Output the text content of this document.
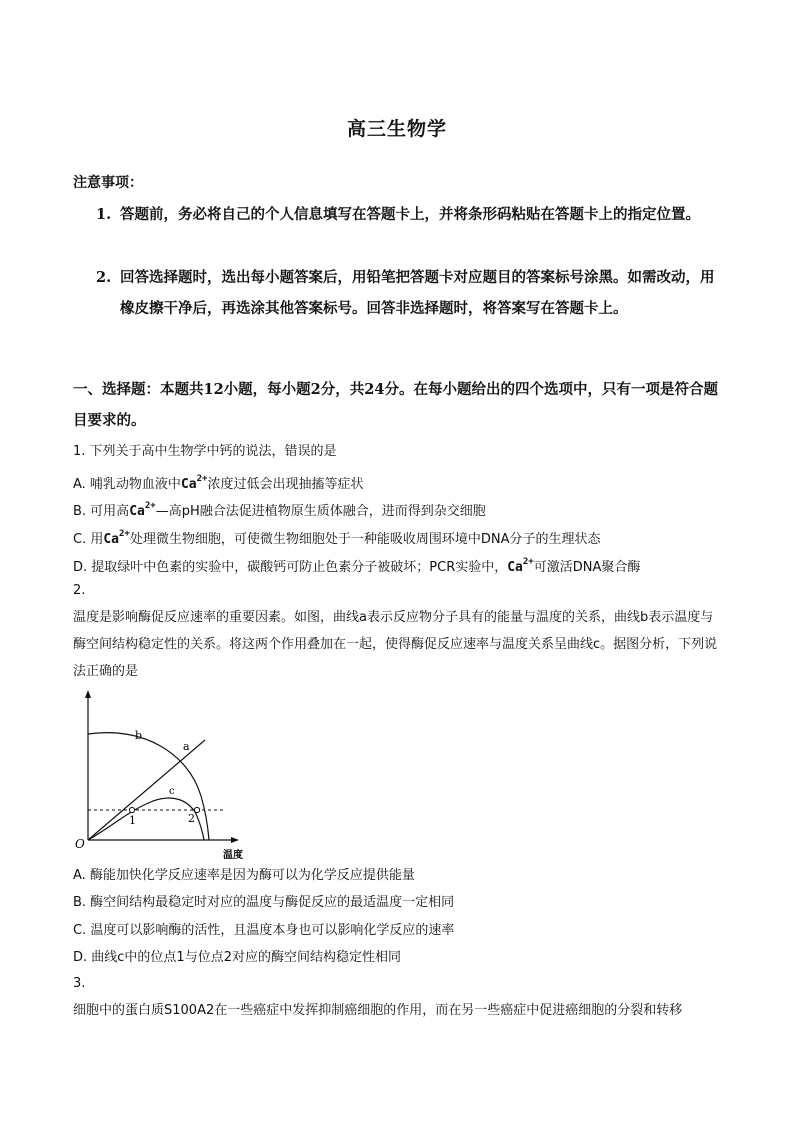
高三生物学
注意事项：
1. 答题前，务必将自己的个人信息填写在答题卡上，并将条形码粘贴在答题卡上的指定位置。
2. 回答选择题时，选出每小题答案后，用铅笔把答题卡对应题目的答案标号涂黑。如需改动，用橡皮擦干净后，再选涂其他答案标号。回答非选择题时，将答案写在答题卡上。
一、选择题：本题共12小题，每小题2分，共24分。在每小题给出的四个选项中，只有一项是符合题目要求的。
1. 下列关于高中生物学中钙的说法，错误的是
A. 哺乳动物血液中$Ca^{2+}$浓度过低会出现抽搐等症状
B. 可用高$Ca^{2+}—$高pH融合法促进植物原生质体融合，进而得到杂交细胞
C. 用$Ca^{2+}$处理微生物细胞，可使微生物细胞处于一种能吸收周围环境中DNA分子的生理状态
D. 提取绿叶中色素的实验中，碳酸钙可防止色素分子被破坏；PCR实验中，$Ca^{2+}$可激活DNA聚合酶
2.
温度是影响酶促反应速率的重要因素。如图，曲线a表示反应物分子具有的能量与温度的关系，曲线b表示温度与酶空间结构稳定性的关系。将这两个作用叠加在一起，使得酶促反应速率与温度关系呈曲线c。据图分析，下列说法正确的是
b
a
c
1	2
O
温度
A. 酶能加快化学反应速率是因为酶可以为化学反应提供能量
B. 酶空间结构最稳定时对应的温度与酶促反应的最适温度一定相同
C. 温度可以影响酶的活性，且温度本身也可以影响化学反应的速率
D. 曲线c中的位点1与位点2对应的酶空间结构稳定性相同
3.
细胞中的蛋白质S100A2在一些癌症中发挥抑制癌细胞的作用，而在另一些癌症中促进癌细胞的分裂和转移
